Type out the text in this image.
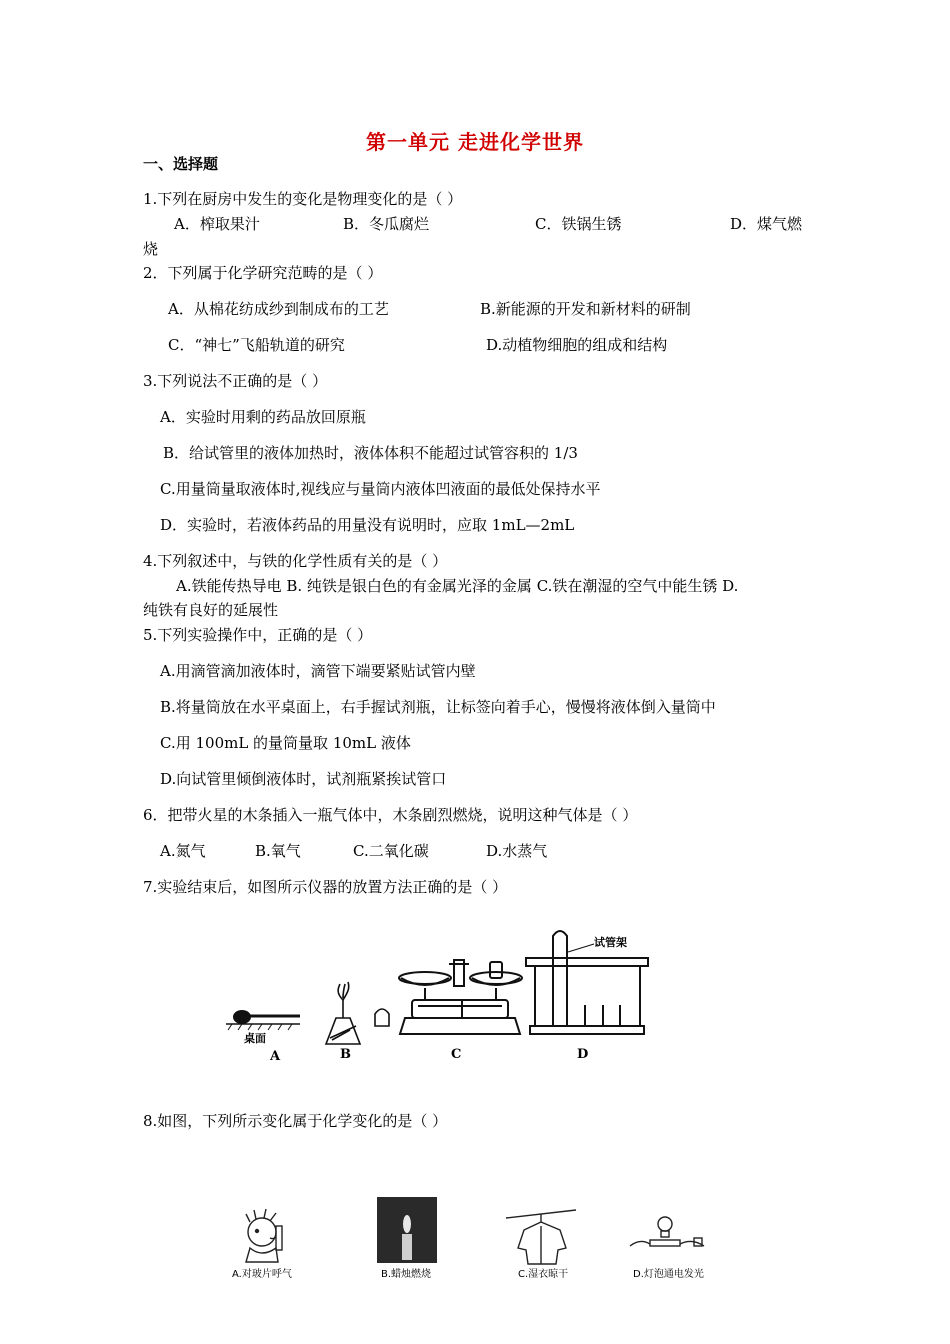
第一单元 走进化学世界
一、选择题
1.下列在厨房中发生的变化是物理变化的是（ ）
A．榨取果汁	B．冬瓜腐烂	C．铁锅生锈	D．煤气燃
烧
2．下列属于化学研究范畴的是（ ）
A．从棉花纺成纱到制成布的工艺	B.新能源的开发和新材料的研制
C．“神七”飞船轨道的研究	D.动植物细胞的组成和结构
3.下列说法不正确的是（ ）
A．实验时用剩的药品放回原瓶
B．给试管里的液体加热时，液体体积不能超过试管容积的 1/3
C.用量筒量取液体时,视线应与量筒内液体凹液面的最低处保持水平
D．实验时，若液体药品的用量没有说明时，应取 1mL—2mL
4.下列叙述中，与铁的化学性质有关的是（ ）
A.铁能传热导电 B. 纯铁是银白色的有金属光泽的金属 C.铁在潮湿的空气中能生锈 D.
纯铁有良好的延展性
5.下列实验操作中，正确的是（ ）
A.用滴管滴加液体时，滴管下端要紧贴试管内壁
B.将量筒放在水平桌面上，右手握试剂瓶，让标签向着手心，慢慢将液体倒入量筒中
C.用 100mL 的量筒量取 10mL 液体
D.向试管里倾倒液体时，试剂瓶紧挨试管口
6．把带火星的木条插入一瓶气体中，木条剧烈燃烧，说明这种气体是（ ）
A.氮气	B.氧气	C.二氧化碳	D.水蒸气
7.实验结束后，如图所示仪器的放置方法正确的是（ ）
桌面
A	B	C
试管架
D
8.如图，下列所示变化属于化学变化的是（ ）
A.对玻片呼气	B.蜡烛燃烧	C.湿衣晾干	D.灯泡通电发光
